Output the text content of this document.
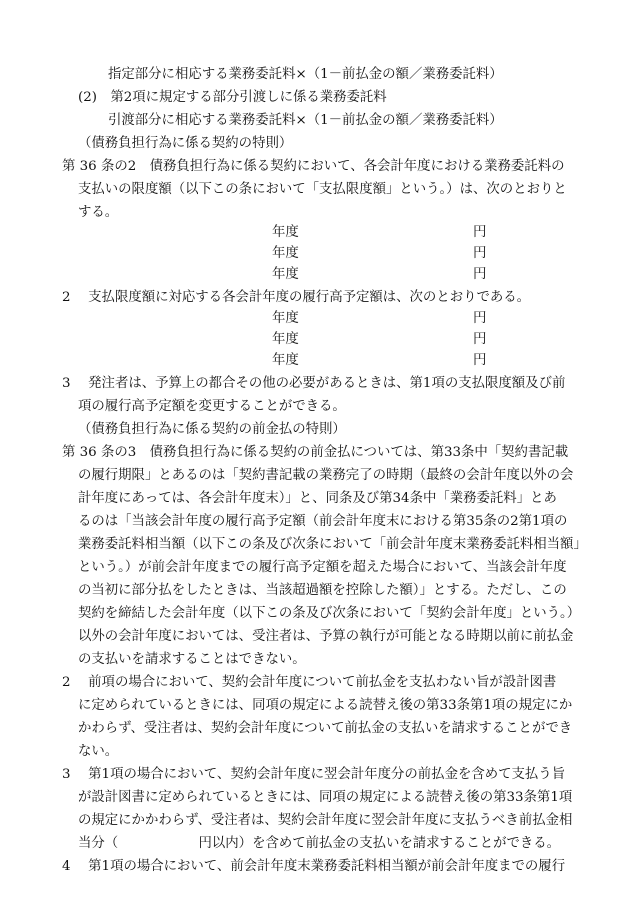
指定部分に相応する業務委託料×（1－前払金の額／業務委託料）
(2)　第2項に規定する部分引渡しに係る業務委託料
引渡部分に相応する業務委託料×（1－前払金の額／業務委託料）
（債務負担行為に係る契約の特則）
第 36 条の2　債務負担行為に係る契約において、各会計年度における業務委託料の
支払いの限度額（以下この条において「支払限度額」という。）は、次のとおりと
する。
年度	円
年度	円
年度	円
2　 支払限度額に対応する各会計年度の履行高予定額は、次のとおりである。
年度	円
年度	円
年度	円
3　 発注者は、予算上の都合その他の必要があるときは、第1項の支払限度額及び前
項の履行高予定額を変更することができる。
（債務負担行為に係る契約の前金払の特則）
第 36 条の3　債務負担行為に係る契約の前金払については、第33条中「契約書記載
の履行期限」とあるのは「契約書記載の業務完了の時期（最終の会計年度以外の会
計年度にあっては、各会計年度末）」と、同条及び第34条中「業務委託料」とあ
るのは「当該会計年度の履行高予定額（前会計年度末における第35条の2第1項の
業務委託料相当額（以下この条及び次条において「前会計年度末業務委託料相当額」
という。）が前会計年度までの履行高予定額を超えた場合において、当該会計年度
の当初に部分払をしたときは、当該超過額を控除した額）」とする。ただし、この
契約を締結した会計年度（以下この条及び次条において「契約会計年度」という。）
以外の会計年度においては、受注者は、予算の執行が可能となる時期以前に前払金
の支払いを請求することはできない。
2　 前項の場合において、契約会計年度について前払金を支払わない旨が設計図書
に定められているときには、同項の規定による読替え後の第33条第1項の規定にか
かわらず、受注者は、契約会計年度について前払金の支払いを請求することができ
ない。
3　 第1項の場合において、契約会計年度に翌会計年度分の前払金を含めて支払う旨
が設計図書に定められているときには、同項の規定による読替え後の第33条第1項
の規定にかかわらず、受注者は、契約会計年度に翌会計年度に支払うべき前払金相
当分（　　　　　　円以内）を含めて前払金の支払いを請求することができる。
4　 第1項の場合において、前会計年度末業務委託料相当額が前会計年度までの履行
